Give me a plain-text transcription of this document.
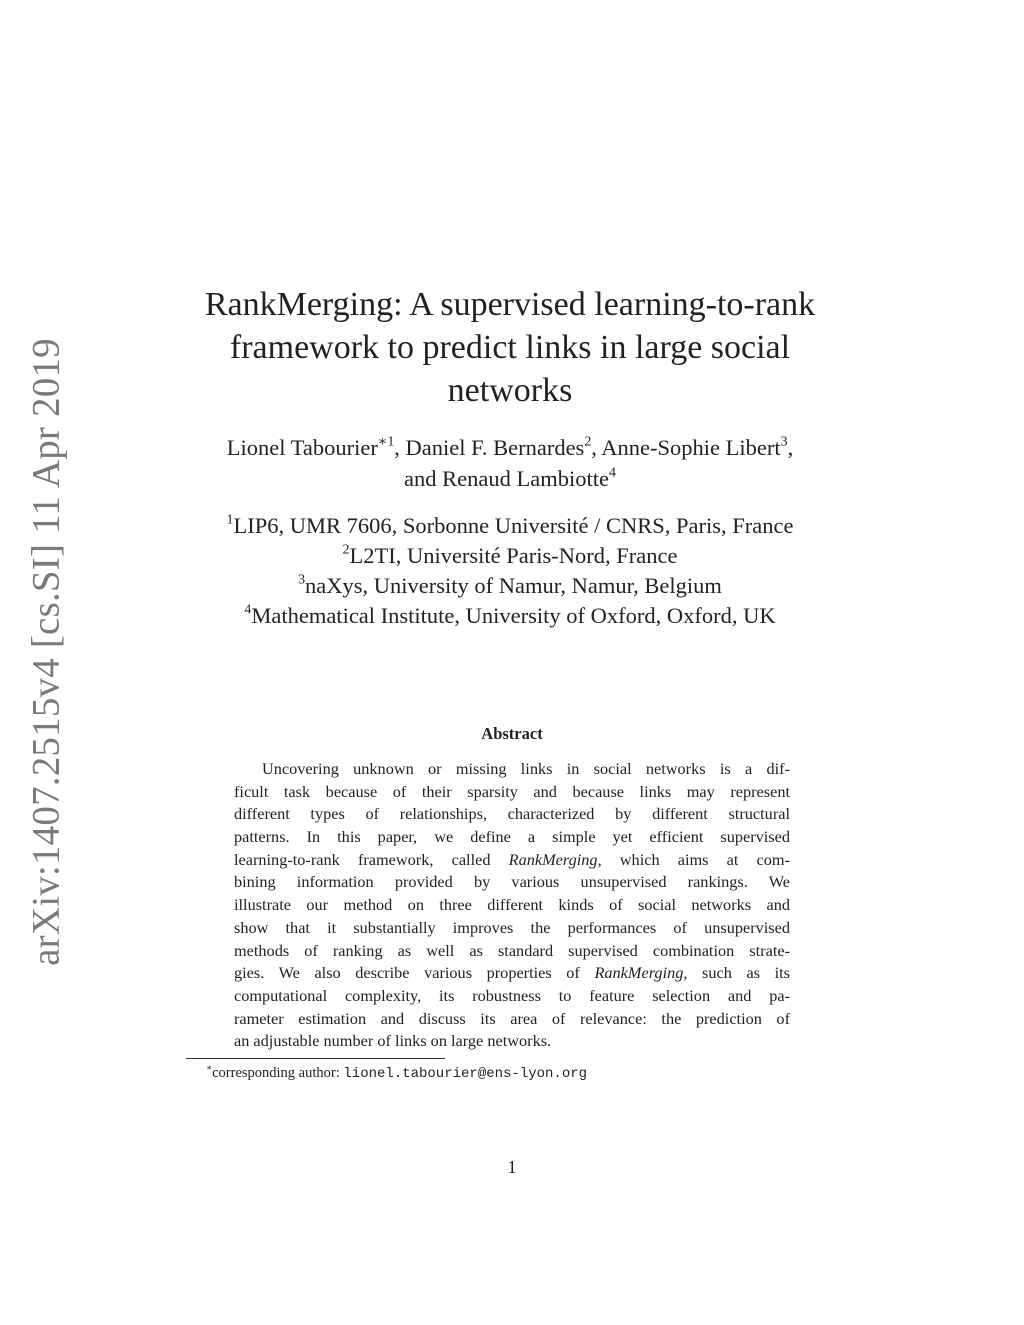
arXiv:1407.2515v4 [cs.SI] 11 Apr 2019
RankMerging: A supervised learning-to-rank
framework to predict links in large social
networks
Lionel Tabourier$^{∗1}$, Daniel F. Bernardes$^2$, Anne-Sophie Libert$^3$,
and Renaud Lambiotte$^4$
$^1$LIP6, UMR 7606, Sorbonne Université / CNRS, Paris, France
$^2$L2TI, Université Paris-Nord, France
$^3$naXys, University of Namur, Namur, Belgium
$^4$Mathematical Institute, University of Oxford, Oxford, UK
Abstract
Uncovering unknown or missing links in social networks is a dif-
ficult task because of their sparsity and because links may represent
different types of relationships, characterized by different structural
patterns. In this paper, we define a simple yet efficient supervised
learning-to-rank framework, called RankMerging, which aims at com-
bining information provided by various unsupervised rankings. We
illustrate our method on three different kinds of social networks and
show that it substantially improves the performances of unsupervised
methods of ranking as well as standard supervised combination strate-
gies. We also describe various properties of RankMerging, such as its
computational complexity, its robustness to feature selection and pa-
rameter estimation and discuss its area of relevance: the prediction of
an adjustable number of links on large networks.
∗corresponding author: lionel.tabourier@ens-lyon.org
1
